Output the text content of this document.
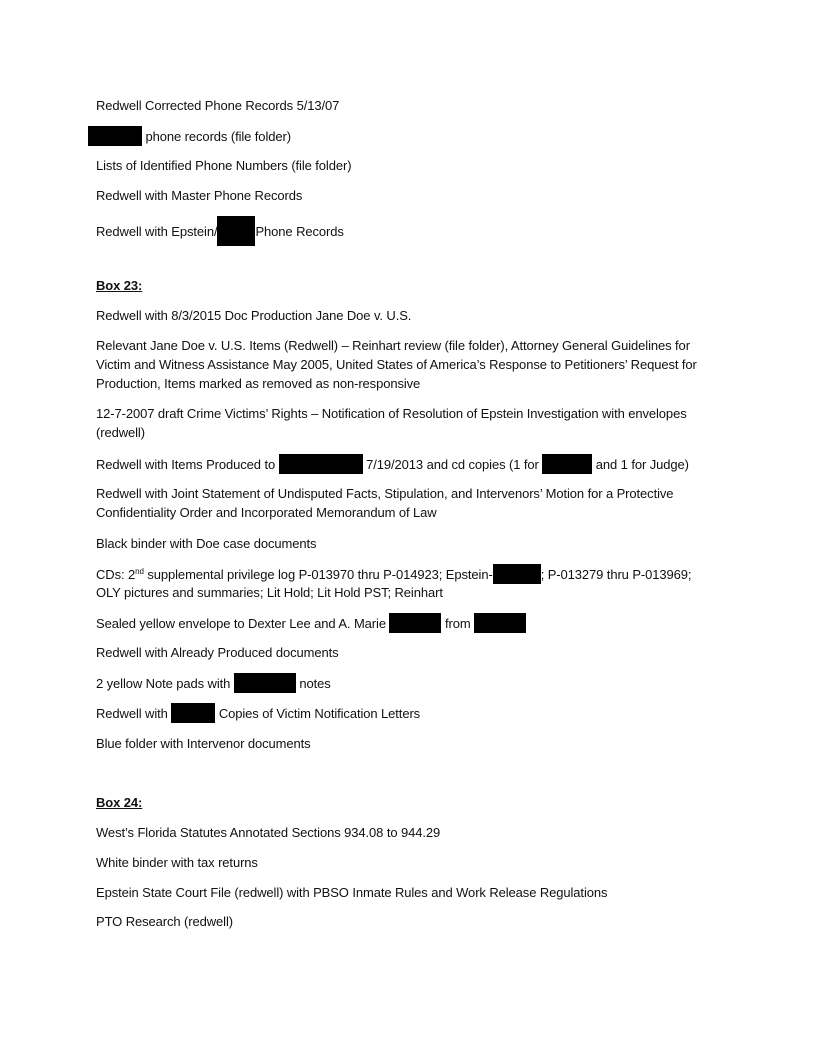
Redwell Corrected Phone Records 5/13/07
phone records (file folder)
Lists of Identified Phone Numbers (file folder)
Redwell with Master Phone Records
Redwell with Epstein/	Phone Records
Box 23:
Redwell with 8/3/2015 Doc Production Jane Doe v. U.S.
Relevant Jane Doe v. U.S. Items (Redwell) – Reinhart review (file folder), Attorney General Guidelines for Victim and Witness Assistance May 2005, United States of America’s Response to Petitioners’ Request for Production, Items marked as removed as non-responsive
12-7-2007 draft Crime Victims’ Rights – Notification of Resolution of Epstein Investigation with envelopes (redwell)
Redwell with Items Produced to	7/19/2013 and cd copies (1 for	and 1 for Judge)
Redwell with Joint Statement of Undisputed Facts, Stipulation, and Intervenors’ Motion for a Protective Confidentiality Order and Incorporated Memorandum of Law
Black binder with Doe case documents
CDs: 2nd supplemental privilege log P-013970 thru P-014923; Epstein-	; P-013279 thru P-013969;
OLY pictures and summaries; Lit Hold; Lit Hold PST; Reinhart
Sealed yellow envelope to Dexter Lee and A. Marie	from
Redwell with Already Produced documents
2 yellow Note pads with	notes
Redwell with	Copies of Victim Notification Letters
Blue folder with Intervenor documents
Box 24:
West’s Florida Statutes Annotated Sections 934.08 to 944.29
White binder with tax returns
Epstein State Court File (redwell) with PBSO Inmate Rules and Work Release Regulations
PTO Research (redwell)
